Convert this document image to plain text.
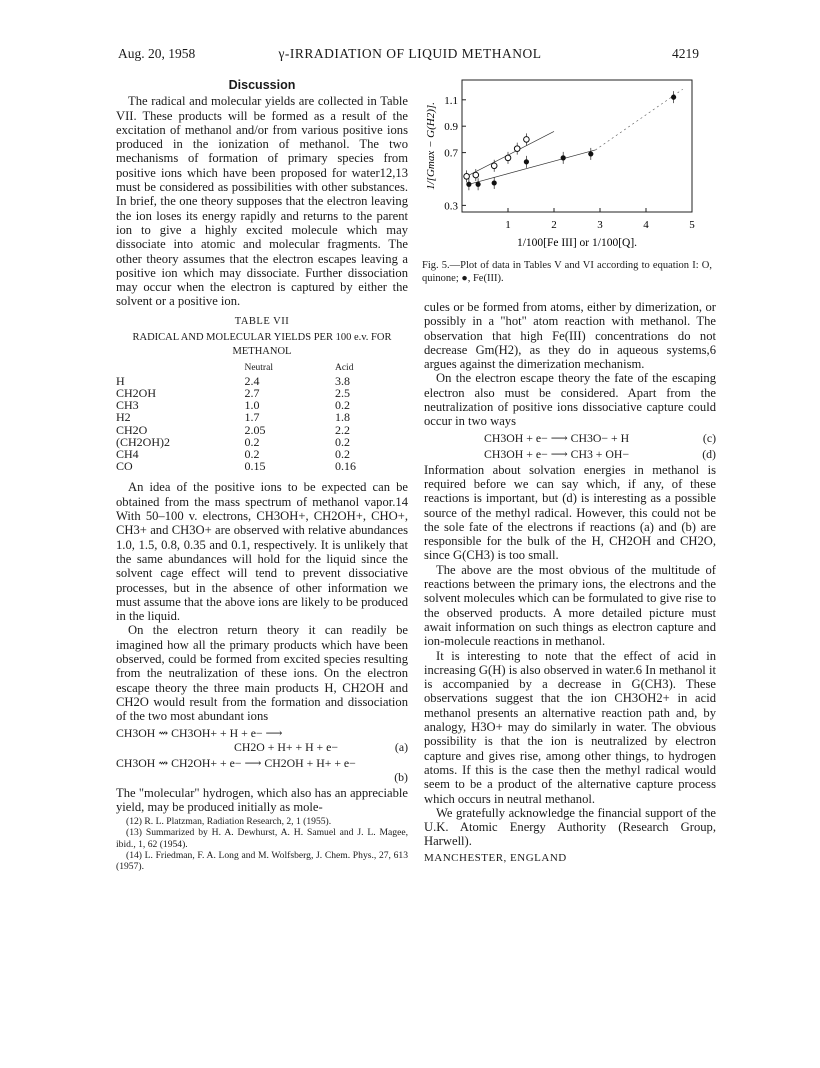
Aug. 20, 1958	γ-IRRADIATION OF LIQUID METHANOL	4219
Discussion

The radical and molecular yields are collected in Table VII. These products will be formed as a result of the excitation of methanol and/or from various positive ions produced in the ionization of methanol. The two mechanisms of formation of primary species from positive ions which have been proposed for water12,13 must be considered as possibilities with other substances. In brief, the one theory supposes that the electron leaving the ion loses its energy rapidly and returns to the parent ion to give a highly excited molecule which may dissociate into atomic and molecular fragments. The other theory assumes that the electron escapes leaving a positive ion which may dissociate. Further dissociation may occur when the electron is captured by either the solvent or a positive ion.

TABLE VII
RADICAL AND MOLECULAR YIELDS PER 100 e.v. FOR METHANOL
	Neutral	Acid
H	2.4	3.8
CH2OH	2.7	2.5
CH3	1.0	0.2
H2	1.7	1.8
CH2O	2.05	2.2
(CH2OH)2	0.2	0.2
CH4	0.2	0.2
CO	0.15	0.16

An idea of the positive ions to be expected can be obtained from the mass spectrum of methanol vapor.14 With 50–100 v. electrons, CH3OH+, CH2OH+, CHO+, CH3+ and CH3O+ are observed with relative abundances 1.0, 1.5, 0.8, 0.35 and 0.1, respectively. It is unlikely that the same abundances will hold for the liquid since the solvent cage effect will tend to prevent dissociative processes, but in the absence of other information we must assume that the above ions are likely to be produced in the liquid.

On the electron return theory it can readily be imagined how all the primary products which have been observed, could be formed from excited species resulting from the neutralization of these ions. On the electron escape theory the three main products H, CH2OH and CH2O would result from the formation and dissociation of the two most abundant ions

CH3OH ⇝ CH3OH+ + H + e− ⟶
CH2O + H+ + H + e−	(a)
CH3OH ⇝ CH2OH+ + e− ⟶ CH2OH + H+ + e−
(b)

The "molecular" hydrogen, which also has an appreciable yield, may be produced initially as mole-

(12) R. L. Platzman, Radiation Research, 2, 1 (1955).

(13) Summarized by H. A. Dewhurst, A. H. Samuel and J. L. Magee, ibid., 1, 62 (1954).

(14) L. Friedman, F. A. Long and M. Wolfsberg, J. Chem. Phys., 27, 613 (1957).

1	2	3	4	5
1.1
0.9
0.7
0.3
1/100[Fe III] or 1/100[Q].
1/[Gmax − G(H2)].
Fig. 5.—Plot of data in Tables V and VI according to equation I: O, quinone; ●, Fe(III).

cules or be formed from atoms, either by dimerization, or possibly in a "hot" atom reaction with methanol. The observation that high Fe(III) concentrations do not decrease Gm(H2), as they do in aqueous systems,6 argues against the dimerization mechanism.

On the electron escape theory the fate of the escaping electron also must be considered. Apart from the neutralization of positive ions dissociative capture could occur in two ways

CH3OH + e− ⟶ CH3O− + H	(c)
CH3OH + e− ⟶ CH3 + OH−	(d)

Information about solvation energies in methanol is required before we can say which, if any, of these reactions is important, but (d) is interesting as a possible source of the methyl radical. However, this could not be the sole fate of the electrons if reactions (a) and (b) are responsible for the bulk of the H, CH2OH and CH2O, since G(CH3) is too small.

The above are the most obvious of the multitude of reactions between the primary ions, the electrons and the solvent molecules which can be formulated to give rise to the observed products. A more detailed picture must await information on such things as electron capture and ion-molecule reactions in methanol.

It is interesting to note that the effect of acid in increasing G(H) is also observed in water.6 In methanol it is accompanied by a decrease in G(CH3). These observations suggest that the ion CH3OH2+ in acid methanol presents an alternative reaction path and, by analogy, H3O+ may do similarly in water. The obvious possibility is that the ion is neutralized by electron capture and gives rise, among other things, to hydrogen atoms. If this is the case then the methyl radical would seem to be a product of the alternative capture process which occurs in neutral methanol.

We gratefully acknowledge the financial support of the U.K. Atomic Energy Authority (Research Group, Harwell).

MANCHESTER, ENGLAND
